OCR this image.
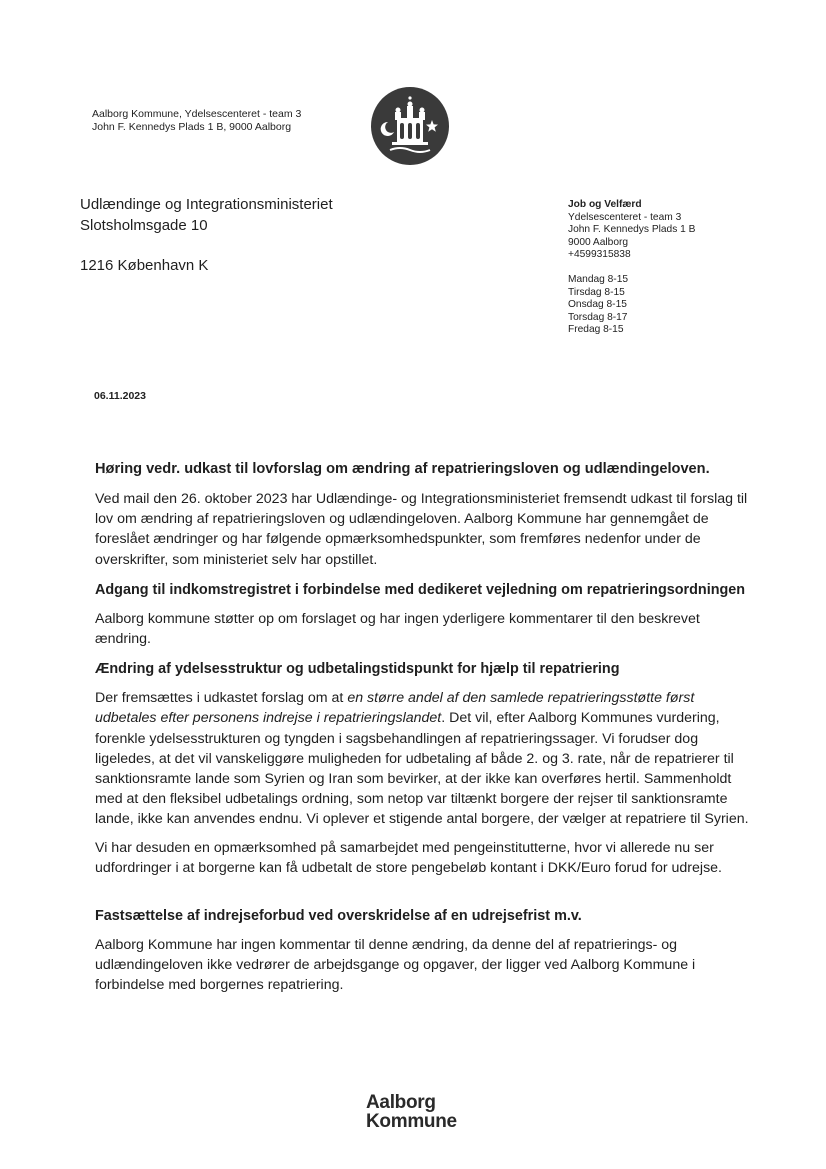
Aalborg Kommune, Ydelsescenteret - team 3
John F. Kennedys Plads 1 B, 9000 Aalborg
Udlændinge og Integrationsministeriet
Slotsholmsgade 10
1216 København K
Job og Velfærd
Ydelsescenteret - team 3
John F. Kennedys Plads 1 B
9000 Aalborg
+4599315838
Mandag 8-15
Tirsdag 8-15
Onsdag 8-15
Torsdag 8-17
Fredag 8-15
06.11.2023
Høring vedr. udkast til lovforslag om ændring af repatrieringsloven og udlændingeloven.

Ved mail den 26. oktober 2023 har Udlændinge- og Integrationsministeriet fremsendt udkast til forslag til lov om ændring af repatrieringsloven og udlændingeloven. Aalborg Kommune har gennemgået de foreslået ændringer og har følgende opmærksomhedspunkter, som fremføres nedenfor under de overskrifter, som ministeriet selv har opstillet.

Adgang til indkomstregistret i forbindelse med dedikeret vejledning om repatrieringsordningen

Aalborg kommune støtter op om forslaget og har ingen yderligere kommentarer til den beskrevet ændring.

Ændring af ydelsesstruktur og udbetalingstidspunkt for hjælp til repatriering

Der fremsættes i udkastet forslag om at en større andel af den samlede repatrieringsstøtte først udbetales efter personens indrejse i repatrieringslandet. Det vil, efter Aalborg Kommunes vurdering, forenkle ydelsesstrukturen og tyngden i sagsbehandlingen af repatrieringssager. Vi forudser dog ligeledes, at det vil vanskeliggøre muligheden for udbetaling af både 2. og 3. rate, når de repatrierer til sanktionsramte lande som Syrien og Iran som bevirker, at der ikke kan overføres hertil. Sammenholdt med at den fleksibel udbetalings ordning, som netop var tiltænkt borgere der rejser til sanktionsramte lande, ikke kan anvendes endnu. Vi oplever et stigende antal borgere, der vælger at repatriere til Syrien.

Vi har desuden en opmærksomhed på samarbejdet med pengeinstitutterne, hvor vi allerede nu ser udfordringer i at borgerne kan få udbetalt de store pengebeløb kontant i DKK/Euro forud for udrejse.

Fastsættelse af indrejseforbud ved overskridelse af en udrejsefrist m.v.

Aalborg Kommune har ingen kommentar til denne ændring, da denne del af repatrierings- og udlændingeloven ikke vedrører de arbejdsgange og opgaver, der ligger ved Aalborg Kommune i forbindelse med borgernes repatriering.

Aalborg
Kommune
